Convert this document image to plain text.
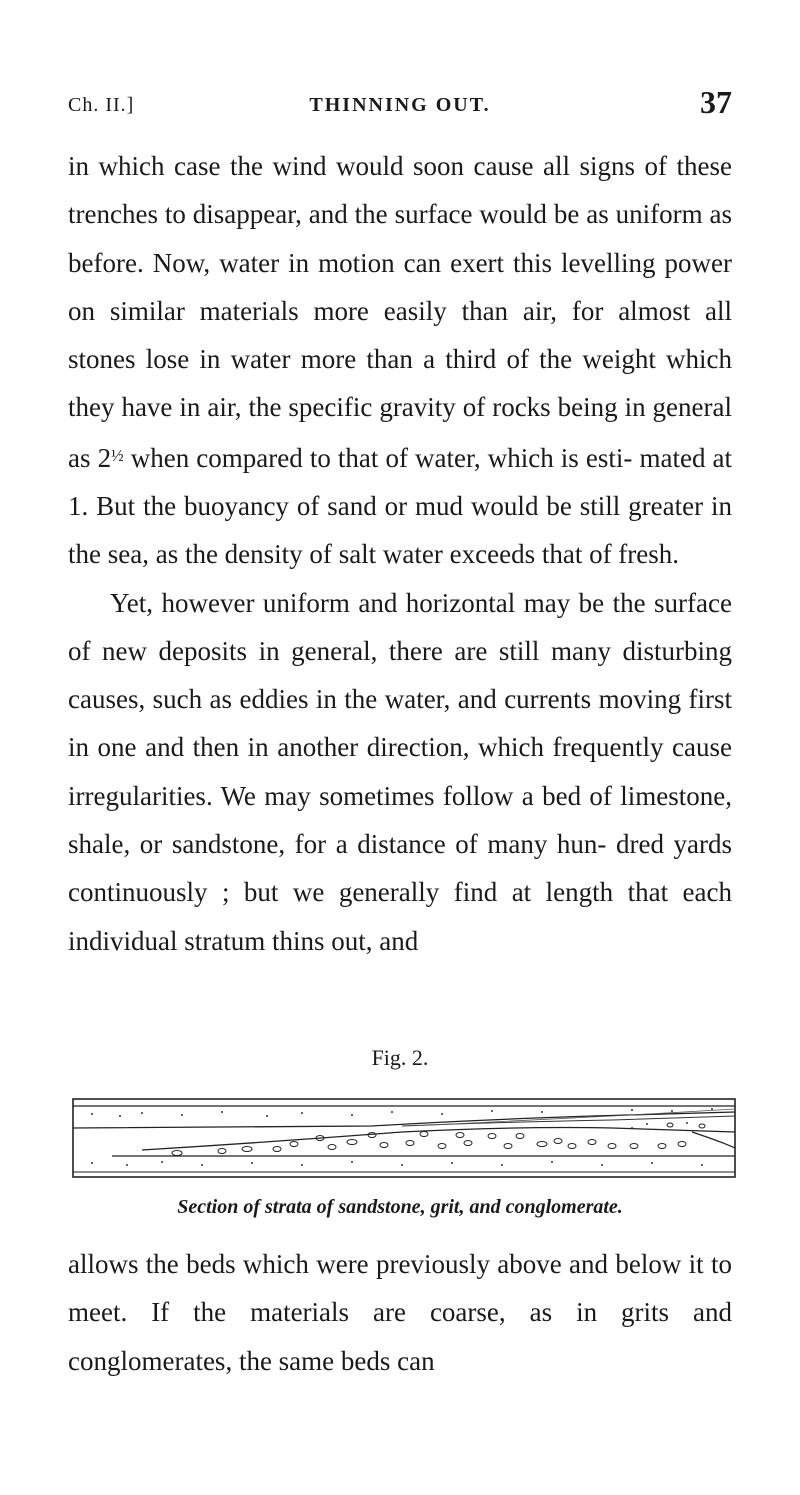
Ch. II.]	THINNING OUT.	37

in which case the wind would soon cause all signs of these trenches to disappear, and the surface would be as uniform as before. Now, water in motion can exert this levelling power on similar materials more easily than air, for almost all stones lose in water more than a third of the weight which they have in air, the specific gravity of rocks being in general as $2^{\frac{1}{2}}$ when compared to that of water, which is esti- mated at 1. But the buoyancy of sand or mud would be still greater in the sea, as the density of salt water exceeds that of fresh.

Yet, however uniform and horizontal may be the surface of new deposits in general, there are still many disturbing causes, such as eddies in the water, and currents moving first in one and then in another direction, which frequently cause irregularities. We may sometimes follow a bed of limestone, shale, or sandstone, for a distance of many hun- dred yards continuously ; but we generally find at length that each individual stratum thins out, and

Fig. 2.
Section of strata of sandstone, grit, and conglomerate.

allows the beds which were previously above and below it to meet. If the materials are coarse, as in grits and conglomerates, the same beds can
